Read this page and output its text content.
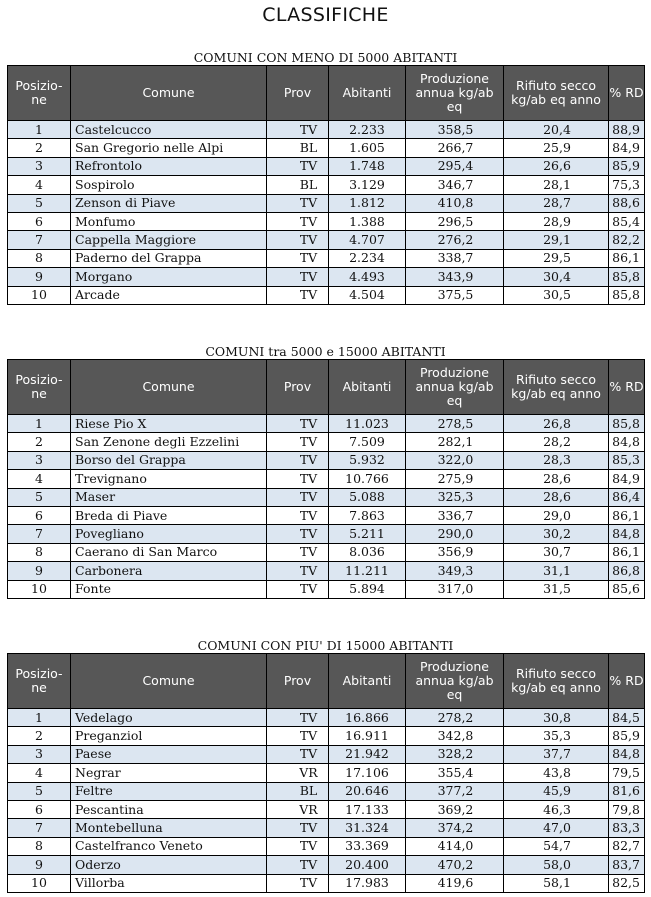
CLASSIFICHE
COMUNI CON MENO DI 5000 ABITANTI
Posizio-
ne	Comune	Prov	Abitanti	Produzione
annua kg/ab
eq	Rifiuto secco
kg/ab eq anno	% RD
1	Castelcucco	TV	2.233	358,5	20,4	88,9
2	San Gregorio nelle Alpi	BL	1.605	266,7	25,9	84,9
3	Refrontolo	TV	1.748	295,4	26,6	85,9
4	Sospirolo	BL	3.129	346,7	28,1	75,3
5	Zenson di Piave	TV	1.812	410,8	28,7	88,6
6	Monfumo	TV	1.388	296,5	28,9	85,4
7	Cappella Maggiore	TV	4.707	276,2	29,1	82,2
8	Paderno del Grappa	TV	2.234	338,7	29,5	86,1
9	Morgano	TV	4.493	343,9	30,4	85,8
10	Arcade	TV	4.504	375,5	30,5	85,8
COMUNI tra 5000 e 15000 ABITANTI
Posizio-
ne	Comune	Prov	Abitanti	Produzione
annua kg/ab
eq	Rifiuto secco
kg/ab eq anno	% RD
1	Riese Pio X	TV	11.023	278,5	26,8	85,8
2	San Zenone degli Ezzelini	TV	7.509	282,1	28,2	84,8
3	Borso del Grappa	TV	5.932	322,0	28,3	85,3
4	Trevignano	TV	10.766	275,9	28,6	84,9
5	Maser	TV	5.088	325,3	28,6	86,4
6	Breda di Piave	TV	7.863	336,7	29,0	86,1
7	Povegliano	TV	5.211	290,0	30,2	84,8
8	Caerano di San Marco	TV	8.036	356,9	30,7	86,1
9	Carbonera	TV	11.211	349,3	31,1	86,8
10	Fonte	TV	5.894	317,0	31,5	85,6
COMUNI CON PIU' DI 15000 ABITANTI
Posizio-
ne	Comune	Prov	Abitanti	Produzione
annua kg/ab
eq	Rifiuto secco
kg/ab eq anno	% RD
1	Vedelago	TV	16.866	278,2	30,8	84,5
2	Preganziol	TV	16.911	342,8	35,3	85,9
3	Paese	TV	21.942	328,2	37,7	84,8
4	Negrar	VR	17.106	355,4	43,8	79,5
5	Feltre	BL	20.646	377,2	45,9	81,6
6	Pescantina	VR	17.133	369,2	46,3	79,8
7	Montebelluna	TV	31.324	374,2	47,0	83,3
8	Castelfranco Veneto	TV	33.369	414,0	54,7	82,7
9	Oderzo	TV	20.400	470,2	58,0	83,7
10	Villorba	TV	17.983	419,6	58,1	82,5
